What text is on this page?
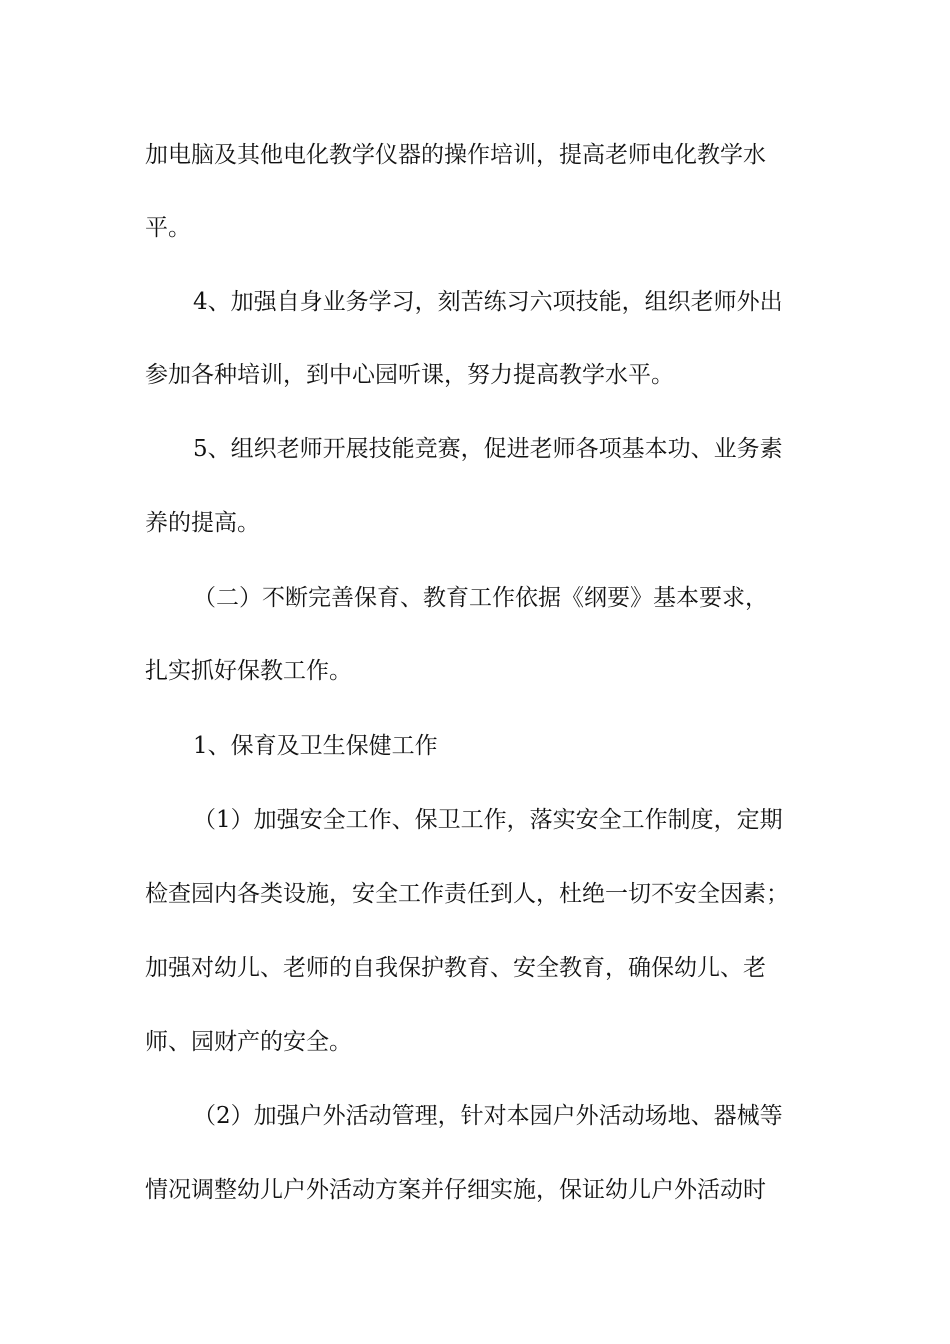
加电脑及其他电化教学仪器的操作培训，提高老师电化教学水

平。

4、加强自身业务学习，刻苦练习六项技能，组织老师外出

参加各种培训，到中心园听课，努力提高教学水平。

5、组织老师开展技能竞赛，促进老师各项基本功、业务素

养的提高。

（二）不断完善保育、教育工作依据《纲要》基本要求，

扎实抓好保教工作。

1、保育及卫生保健工作

（1）加强安全工作、保卫工作，落实安全工作制度，定期

检查园内各类设施，安全工作责任到人，杜绝一切不安全因素；

加强对幼儿、老师的自我保护教育、安全教育，确保幼儿、老

师、园财产的安全。

（2）加强户外活动管理，针对本园户外活动场地、器械等

情况调整幼儿户外活动方案并仔细实施，保证幼儿户外活动时
